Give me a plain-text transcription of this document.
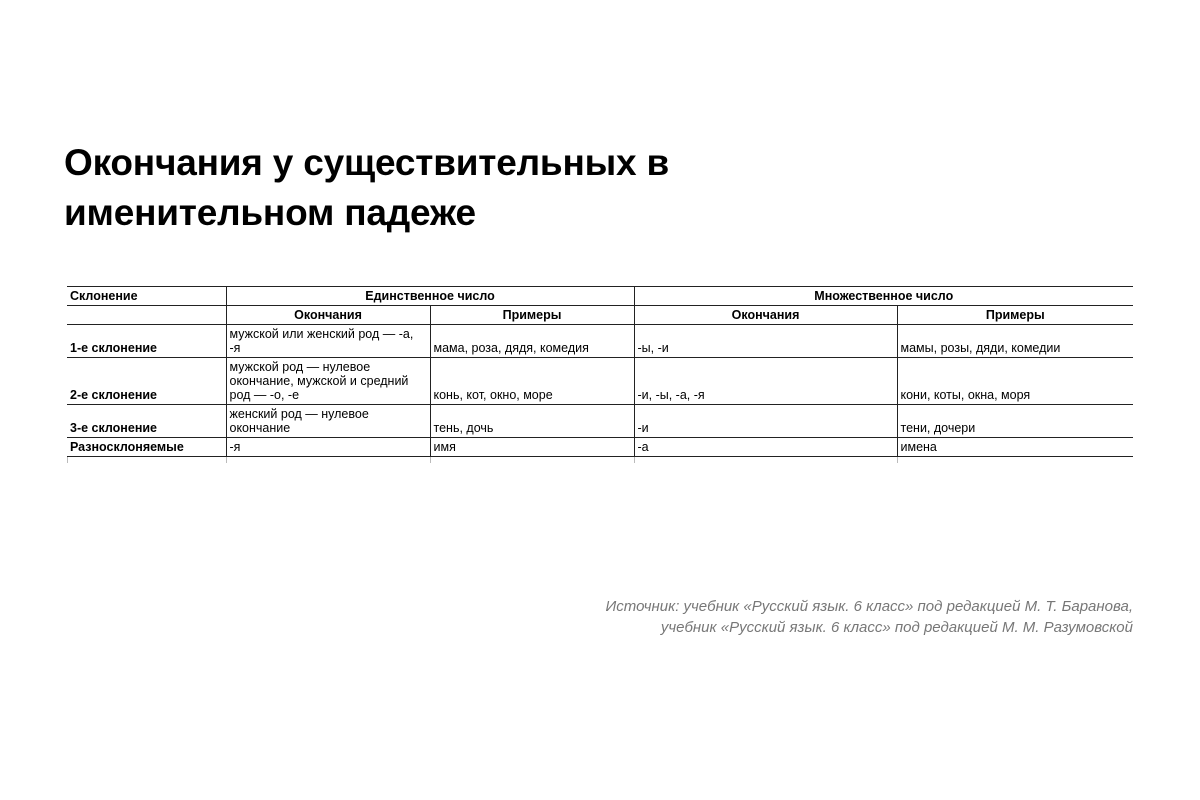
Окончания у существительных в именительном падеже
Склонение	Единственное число		Множественное число	
	Окончания	Примеры	Окончания	Примеры
1-е склонение	мужской или женский род — -а, -я	мама, роза, дядя, комедия	-ы, -и	мамы, розы, дяди, комедии
2-е склонение	мужской род — нулевое окончание, мужской и средний род — -о, -е	конь, кот, окно, море	-и, -ы, -а, -я	кони, коты, окна, моря
3-е склонение	женский род — нулевое окончание	тень, дочь	-и	тени, дочери
Разносклоняемые	-я	имя	-а	имена
Источник: учебник «Русский язык. 6 класс» под редакцией М. Т. Баранова,
учебник «Русский язык. 6 класс» под редакцией М. М. Разумовской
